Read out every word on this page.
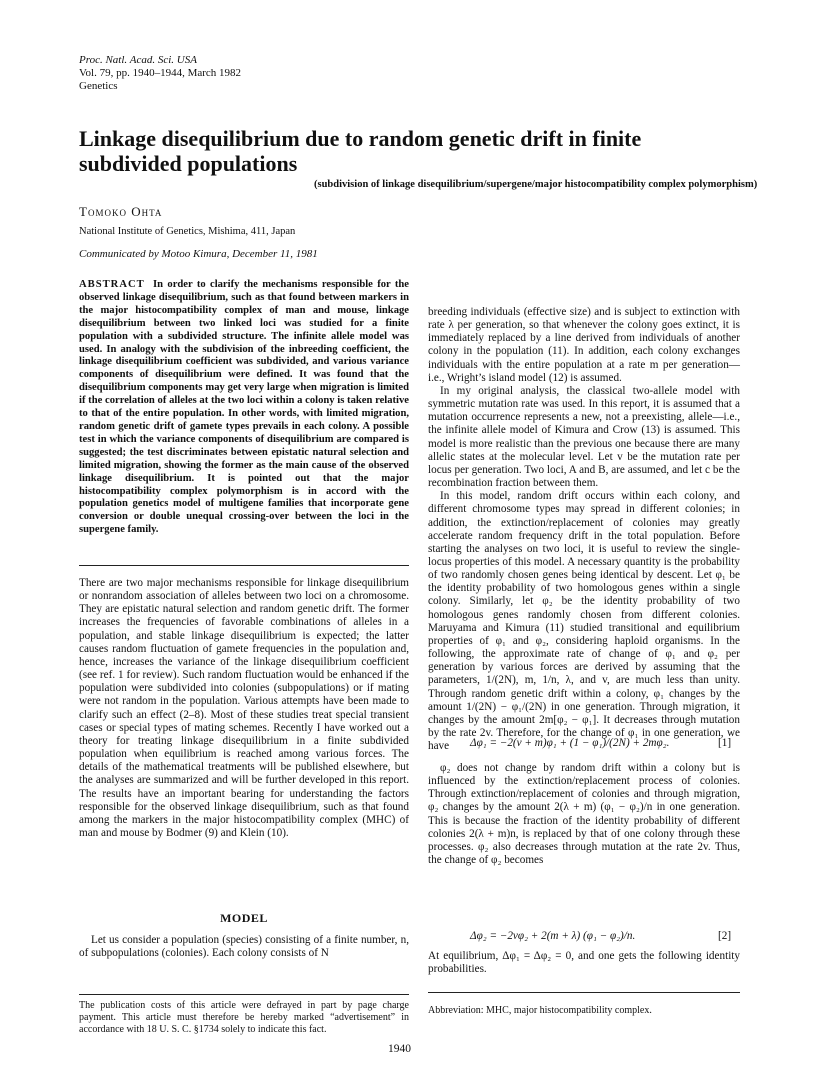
Proc. Natl. Acad. Sci. USA
Vol. 79, pp. 1940–1944, March 1982
Genetics
Linkage disequilibrium due to random genetic drift in finite subdivided populations
(subdivision of linkage disequilibrium/supergene/major histocompatibility complex polymorphism)
Tomoko Ohta
National Institute of Genetics, Mishima, 411, Japan
Communicated by Motoo Kimura, December 11, 1981
ABSTRACT In order to clarify the mechanisms responsible for the observed linkage disequilibrium, such as that found between markers in the major histocompatibility complex of man and mouse, linkage disequilibrium between two linked loci was studied for a finite population with a subdivided structure. The infinite allele model was used. In analogy with the subdivision of the inbreeding coefficient, the linkage disequilibrium coefficient was subdivided, and various variance components of disequilibrium were defined. It was found that the disequilibrium components may get very large when migration is limited if the correlation of alleles at the two loci within a colony is taken relative to that of the entire population. In other words, with limited migration, random genetic drift of gamete types prevails in each colony. A possible test in which the variance components of disequilibrium are compared is suggested; the test discriminates between epistatic natural selection and limited migration, showing the former as the main cause of the observed linkage disequilibrium. It is pointed out that the major histocompatibility complex polymorphism is in accord with the population genetics model of multigene families that incorporate gene conversion or double unequal crossing-over between the loci in the supergene family.

There are two major mechanisms responsible for linkage disequilibrium or nonrandom association of alleles between two loci on a chromosome. They are epistatic natural selection and random genetic drift. The former increases the frequencies of favorable combinations of alleles in a population, and stable linkage disequilibrium is expected; the latter causes random fluctuation of gamete frequencies in the population and, hence, increases the variance of the linkage disequilibrium coefficient (see ref. 1 for review). Such random fluctuation would be enhanced if the population were subdivided into colonies (subpopulations) or if mating were not random in the population. Various attempts have been made to clarify such an effect (2–8). Most of these studies treat special transient cases or special types of mating schemes. Recently I have worked out a theory for treating linkage disequilibrium in a finite subdivided population when equilibrium is reached among various forces. The details of the mathematical treatments will be published elsewhere, but the analyses are summarized and will be further developed in this report. The results have an important bearing for understanding the factors responsible for the observed linkage disequilibrium, such as that found among the markers in the major histocompatibility complex (MHC) of man and mouse by Bodmer (9) and Klein (10).

MODEL

Let us consider a population (species) consisting of a finite number, n, of subpopulations (colonies). Each colony consists of N

The publication costs of this article were defrayed in part by page charge payment. This article must therefore be hereby marked “advertisement” in accordance with 18 U. S. C. §1734 solely to indicate this fact.

breeding individuals (effective size) and is subject to extinction with rate λ per generation, so that whenever the colony goes extinct, it is immediately replaced by a line derived from individuals of another colony in the population (11). In addition, each colony exchanges individuals with the entire population at a rate m per generation—i.e., Wright’s island model (12) is assumed.

In my original analysis, the classical two-allele model with symmetric mutation rate was used. In this report, it is assumed that a mutation occurrence represents a new, not a preexisting, allele—i.e., the infinite allele model of Kimura and Crow (13) is assumed. This model is more realistic than the previous one because there are many allelic states at the molecular level. Let v be the mutation rate per locus per generation. Two loci, A and B, are assumed, and let c be the recombination fraction between them.

In this model, random drift occurs within each colony, and different chromosome types may spread in different colonies; in addition, the extinction/replacement of colonies may greatly accelerate random frequency drift in the total population. Before starting the analyses on two loci, it is useful to review the single-locus properties of this model. A necessary quantity is the probability of two randomly chosen genes being identical by descent. Let φ₁ be the identity probability of two homologous genes within a single colony. Similarly, let φ₂ be the identity probability of two homologous genes randomly chosen from different colonies. Maruyama and Kimura (11) studied transitional and equilibrium properties of φ₁ and φ₂, considering haploid organisms. In the following, the approximate rate of change of φ₁ and φ₂ per generation by various forces are derived by assuming that the parameters, 1/(2N), m, 1/n, λ, and v, are much less than unity. Through random genetic drift within a colony, φ₁ changes by the amount 1/(2N) − φ₁/(2N) in one generation. Through migration, it changes by the amount 2m[φ₂ − φ₁]. It decreases through mutation by the rate 2v. Therefore, for the change of φ₁ in one generation, we have	Δφ₁ = −2(v + m)φ₁ + (1 − φ₁)/(2N) + 2mφ₂.	[1]

φ₂ does not change by random drift within a colony but is influenced by the extinction/replacement process of colonies. Through extinction/replacement of colonies and through migration, φ₂ changes by the amount 2(λ + m) (φ₁ − φ₂)/n in one generation. This is because the fraction of the identity probability of different colonies 2(λ + m)n, is replaced by that of one colony through these processes. φ₂ also decreases through mutation at the rate 2v. Thus, the change of φ₂ becomes

Δφ₂ = −2vφ₂ + 2(m + λ) (φ₁ − φ₂)/n.	[2]

At equilibrium, Δφ₁ = Δφ₂ = 0, and one gets the following identity probabilities.

Abbreviation: MHC, major histocompatibility complex.
1940
